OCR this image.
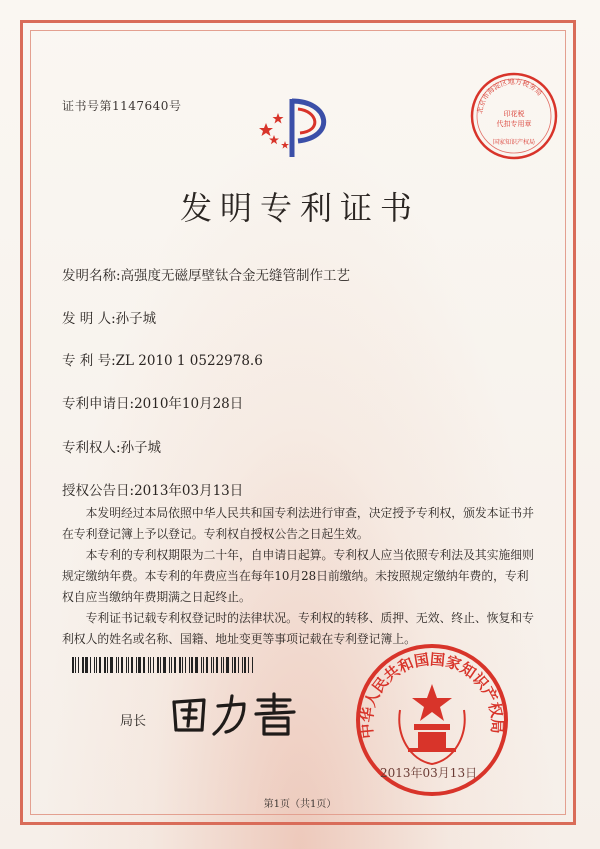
证书号第1147640号	北京市海淀区地方税务局
印花税
代扣专用章
国家知识产权局
发明专利证书
发明名称:高强度无磁厚壁钛合金无缝管制作工艺
发 明 人:孙子城
专 利 号:ZL 2010 1 0522978.6
专利申请日:2010年10月28日
专利权人:孙子城
授权公告日:2013年03月13日

本发明经过本局依照中华人民共和国专利法进行审查，决定授予专利权，颁发本证书并在专利登记簿上予以登记。专利权自授权公告之日起生效。

本专利的专利权期限为二十年，自申请日起算。专利权人应当依照专利法及其实施细则规定缴纳年费。本专利的年费应当在每年10月28日前缴纳。未按照规定缴纳年费的，专利权自应当缴纳年费期满之日起终止。

专利证书记载专利权登记时的法律状况。专利权的转移、质押、无效、终止、恢复和专利权人的姓名或名称、国籍、地址变更等事项记载在专利登记簿上。

局长
中华人民共和国国家知识产权局
2013年03月13日
第1页（共1页）
